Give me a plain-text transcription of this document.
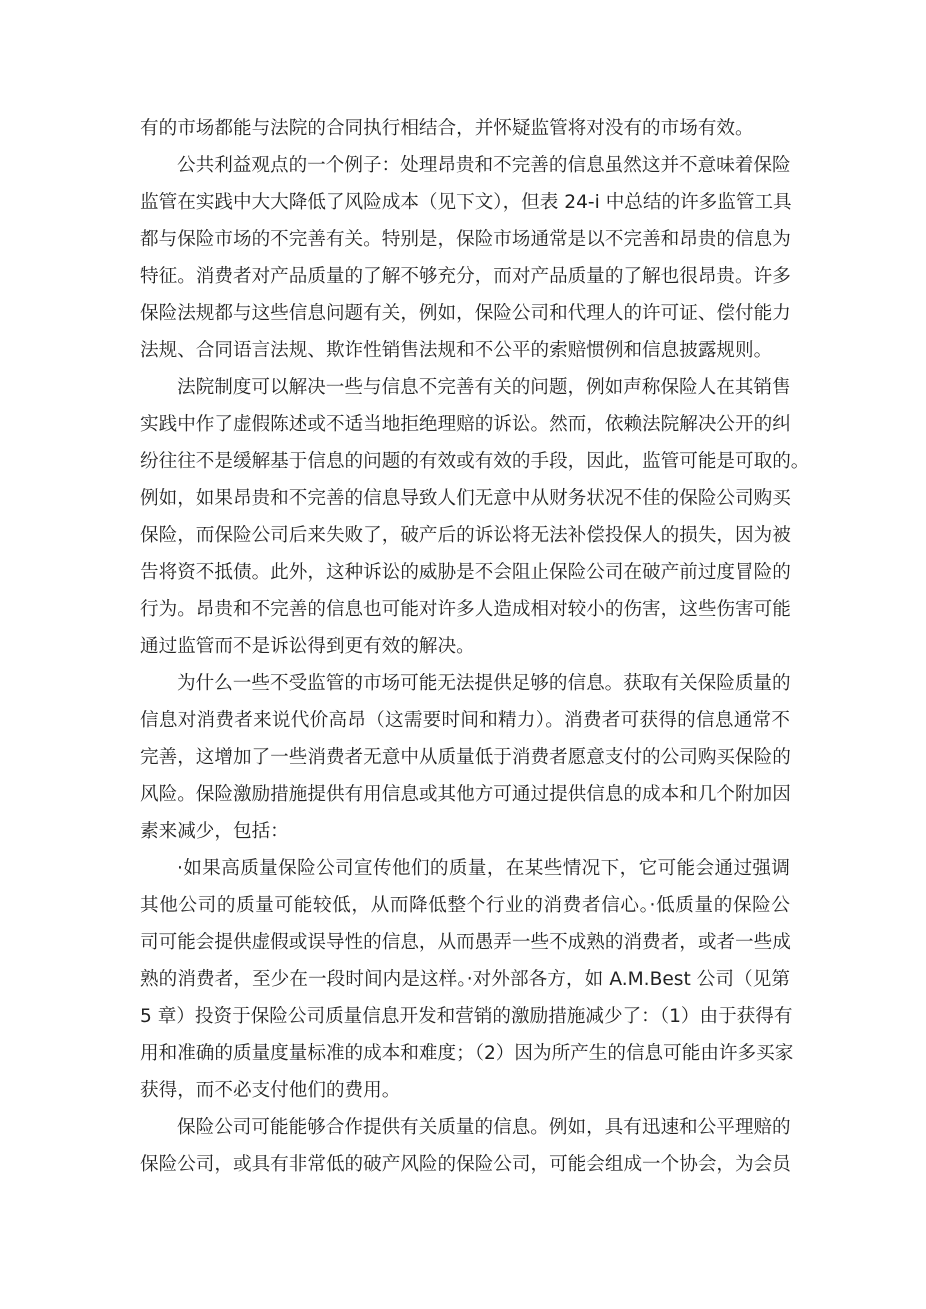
有的市场都能与法院的合同执行相结合，并怀疑监管将对没有的市场有效。
公共利益观点的一个例子：处理昂贵和不完善的信息虽然这并不意味着保险
监管在实践中大大降低了风险成本（见下文），但表 24-i 中总结的许多监管工具
都与保险市场的不完善有关。特别是，保险市场通常是以不完善和昂贵的信息为
特征。消费者对产品质量的了解不够充分，而对产品质量的了解也很昂贵。许多
保险法规都与这些信息问题有关，例如，保险公司和代理人的许可证、偿付能力
法规、合同语言法规、欺诈性销售法规和不公平的索赔惯例和信息披露规则。
法院制度可以解决一些与信息不完善有关的问题，例如声称保险人在其销售
实践中作了虚假陈述或不适当地拒绝理赔的诉讼。然而，依赖法院解决公开的纠
纷往往不是缓解基于信息的问题的有效或有效的手段，因此，监管可能是可取的。
例如，如果昂贵和不完善的信息导致人们无意中从财务状况不佳的保险公司购买
保险，而保险公司后来失败了，破产后的诉讼将无法补偿投保人的损失，因为被
告将资不抵债。此外，这种诉讼的威胁是不会阻止保险公司在破产前过度冒险的
行为。昂贵和不完善的信息也可能对许多人造成相对较小的伤害，这些伤害可能
通过监管而不是诉讼得到更有效的解决。
为什么一些不受监管的市场可能无法提供足够的信息。获取有关保险质量的
信息对消费者来说代价高昂（这需要时间和精力）。消费者可获得的信息通常不
完善，这增加了一些消费者无意中从质量低于消费者愿意支付的公司购买保险的
风险。保险激励措施提供有用信息或其他方可通过提供信息的成本和几个附加因
素来减少，包括：
·如果高质量保险公司宣传他们的质量，在某些情况下，它可能会通过强调
其他公司的质量可能较低，从而降低整个行业的消费者信心。·低质量的保险公
司可能会提供虚假或误导性的信息，从而愚弄一些不成熟的消费者，或者一些成
熟的消费者，至少在一段时间内是这样。·对外部各方，如 A.M.Best 公司（见第
5 章）投资于保险公司质量信息开发和营销的激励措施减少了：（1）由于获得有
用和准确的质量度量标准的成本和难度；（2）因为所产生的信息可能由许多买家
获得，而不必支付他们的费用。
保险公司可能能够合作提供有关质量的信息。例如，具有迅速和公平理赔的
保险公司，或具有非常低的破产风险的保险公司，可能会组成一个协会，为会员
